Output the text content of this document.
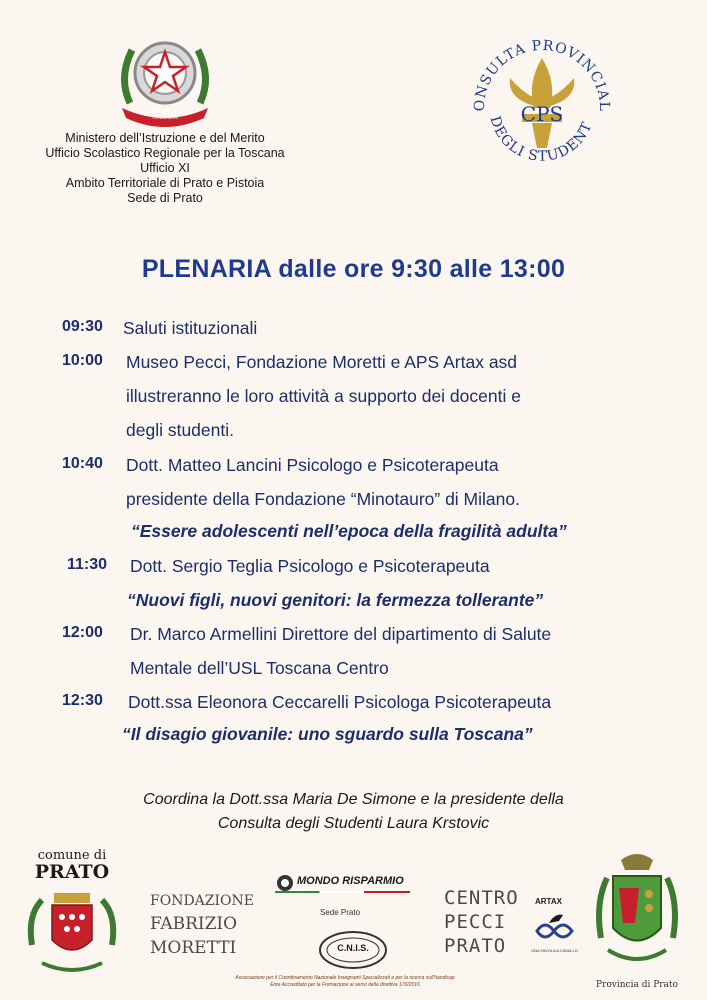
REPUBBLICA ITALIANA
Ministero dell’Istruzione e del Merito
Ufficio Scolastico Regionale per la Toscana
Ufficio XI
Ambito Territoriale di Prato e Pistoia
Sede di Prato
ONSULTA PROVINCIAL
DEGLI STUDENT
CPS
PLENARIA dalle ore 9:30 alle 13:00
09:30 Saluti istituzionali
10:00 Museo Pecci, Fondazione Moretti e APS Artax asd
illustreranno le loro attività a supporto dei docenti e
degli studenti.
10:40 Dott. Matteo Lancini Psicologo e Psicoterapeuta
presidente della Fondazione “Minotauro” di Milano.
“Essere adolescenti nell’epoca della fragilità adulta”
11:30 Dott. Sergio Teglia Psicologo e Psicoterapeuta
“Nuovi figli, nuovi genitori: la fermezza tollerante”
12:00 Dr. Marco Armellini Direttore del dipartimento di Salute
Mentale dell’USL Toscana Centro
12:30 Dott.ssa Eleonora Ceccarelli Psicologa Psicoterapeuta
“Il disagio giovanile: uno sguardo sulla Toscana”
Coordina la Dott.ssa Maria De Simone e la presidente della
Consulta degli Studenti Laura Krstovic
comune di
PRATO
FONDAZIONE
FABRIZIO
MORETTI
MONDO RISPARMIO
Sede Prato
C.N.I.S.
Associazione per il Coordinamento Nazionale Insegnanti Specializzati e per la ricerca sull'handicap
Ente Accreditato per la Formazione ai sensi della direttiva 170/2016
CENTRO
PECCI
PRATO
ARTAX
UNA FAVOLA A CAVALLO
Provincia di Prato
